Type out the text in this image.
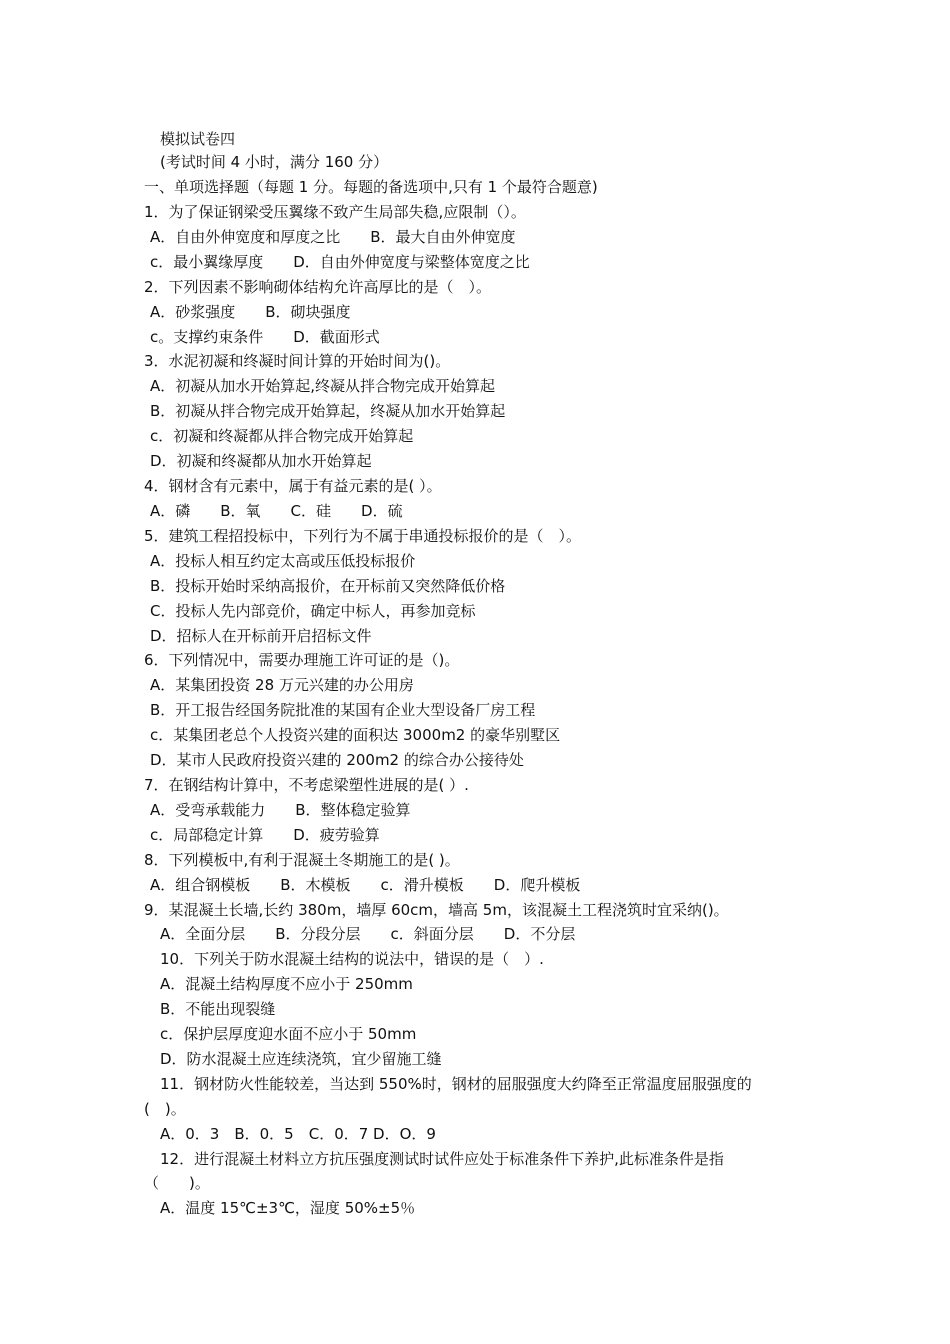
模拟试卷四

(考试时间 4 小时，满分 160 分）

一、单项选择题（每题 1 分。每题的备选项中,只有 1 个最符合题意)

1．为了保证钢梁受压翼缘不致产生局部失稳,应限制（）。

A．自由外伸宽度和厚度之比　　B．最大自由外伸宽度

c．最小翼缘厚度　　D．自由外伸宽度与梁整体宽度之比

2．下列因素不影响砌体结构允许高厚比的是（　）。

A．砂浆强度　　B．砌块强度

c。支撑约束条件　　D．截面形式

3．水泥初凝和终凝时间计算的开始时间为()。

A．初凝从加水开始算起,终凝从拌合物完成开始算起

B．初凝从拌合物完成开始算起，终凝从加水开始算起

c．初凝和终凝都从拌合物完成开始算起

D．初凝和终凝都从加水开始算起

4．钢材含有元素中，属于有益元素的是( ）。

A．磷　　B．氧　　C．硅　　D．硫

5．建筑工程招投标中，下列行为不属于串通投标报价的是（　）。

A．投标人相互约定太高或压低投标报价

B．投标开始时采纳高报价，在开标前又突然降低价格

C．投标人先内部竞价，确定中标人，再参加竞标

D．招标人在开标前开启招标文件

6．下列情况中，需要办理施工许可证的是（)。

A．某集团投资 28 万元兴建的办公用房

B．开工报告经国务院批准的某国有企业大型设备厂房工程

c．某集团老总个人投资兴建的面积达 3000m2 的豪华别墅区

D．某市人民政府投资兴建的 200m2 的综合办公接待处

7．在钢结构计算中，不考虑梁塑性进展的是( ）.

A．受弯承载能力　　B．整体稳定验算

c．局部稳定计算　　D．疲劳验算

8．下列模板中,有利于混凝土冬期施工的是( )。

A．组合钢模板　　B．木模板　　c．滑升模板　　D．爬升模板

9．某混凝土长墙,长约 380m，墙厚 60cm，墙高 5m，该混凝土工程浇筑时宜采纳()。

A．全面分层　　B．分段分层　　c．斜面分层　　D．不分层

10．下列关于防水混凝土结构的说法中，错误的是（　）.

A．混凝土结构厚度不应小于 250mm

B．不能出现裂缝

c．保护层厚度迎水面不应小于 50mm

D．防水混凝土应连续浇筑，宜少留施工缝

11．钢材防火性能较差，当达到 550%时，钢材的屈服强度大约降至正常温度屈服强度的

(　)。

A．0．3　B．0．5　C．0．7 D．O．9

12．进行混凝土材料立方抗压强度测试时试件应处于标准条件下养护,此标准条件是指

（　　)。

A．温度 15℃±3℃，湿度 50%±5％
